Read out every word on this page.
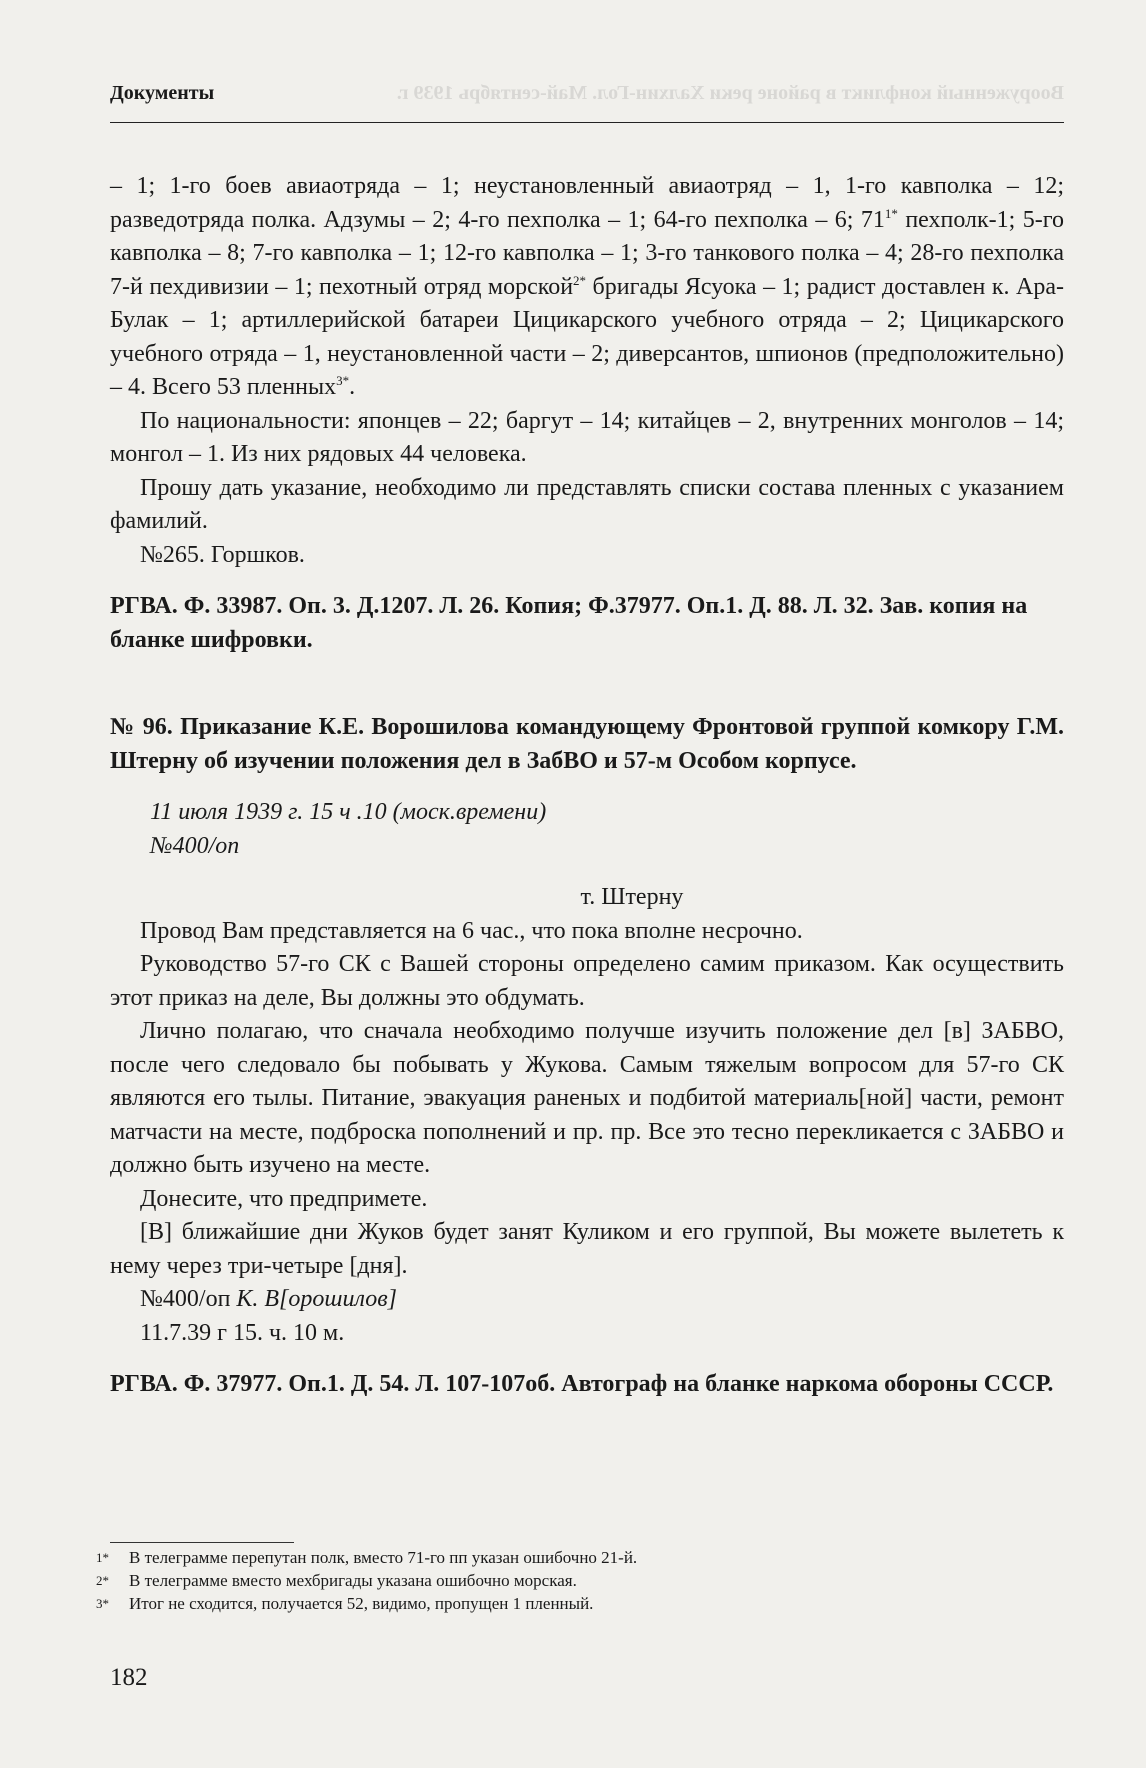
Документы	Вооруженный конфликт в районе реки Халхин-Гол. Май-сентябрь 1939 г.

– 1; 1-го боев авиаотряда – 1; неустановленный авиаотряд – 1, 1-го кавполка – 12; разведотряда полка. Адзумы – 2; 4-го пехполка – 1; 64-го пехполка – 6; $71^{1*}$ пехполк-1; 5-го кавполка – 8; 7-го кавполка – 1; 12-го кавполка – 1; 3-го танкового полка – 4; 28-го пехполка 7-й пехдивизии – 1; пехотный отряд морской$^{2*}$ бригады Ясуока – 1; радист доставлен к. Ара-Булак – 1; артиллерийской батареи Цицикарского учебного отряда – 2; Цицикарского учебного отряда – 1, неустановленной части – 2; диверсантов, шпионов (предположительно) – 4. Всего 53 пленных$^{3*}$.

По национальности: японцев – 22; баргут – 14; китайцев – 2, внутренних монголов – 14; монгол – 1. Из них рядовых 44 человека.

Прошу дать указание, необходимо ли представлять списки состава пленных с указанием фамилий.

№265. Горшков.

РГВА. Ф. 33987. Оп. 3. Д.1207. Л. 26. Копия; Ф.37977. Оп.1. Д. 88. Л. 32. Зав. копия на бланке шифровки.

№ 96. Приказание К.Е. Ворошилова командующему Фронтовой группой комкору Г.М. Штерну об изучении положения дел в ЗабВО и 57-м Особом корпусе.

11 июля 1939 г. 15 ч .10 (моск.времени)

№400/оп

т. Штерну

Провод Вам представляется на 6 час., что пока вполне несрочно.

Руководство 57-го СК с Вашей стороны определено самим приказом. Как осуществить этот приказ на деле, Вы должны это обдумать.

Лично полагаю, что сначала необходимо получше изучить положение дел [в] ЗАБВО, после чего следовало бы побывать у Жукова. Самым тяжелым вопросом для 57-го СК являются его тылы. Питание, эвакуация раненых и подбитой материаль[ной] части, ремонт матчасти на месте, подброска пополнений и пр. пр. Все это тесно перекликается с ЗАБВО и должно быть изучено на месте.

Донесите, что предпримете.

[В] ближайшие дни Жуков будет занят Куликом и его группой, Вы можете вылететь к нему через три-четыре [дня].

№400/оп К. В[орошилов]

11.7.39 г 15. ч. 10 м.

РГВА. Ф. 37977. Оп.1. Д. 54. Л. 107-107об. Автограф на бланке наркома обороны СССР.

1*	В телеграмме перепутан полк, вместо 71-го пп указан ошибочно 21-й.
2*	В телеграмме вместо мехбригады указана ошибочно морская.
3*	Итог не сходится, получается 52, видимо, пропущен 1 пленный.
182
